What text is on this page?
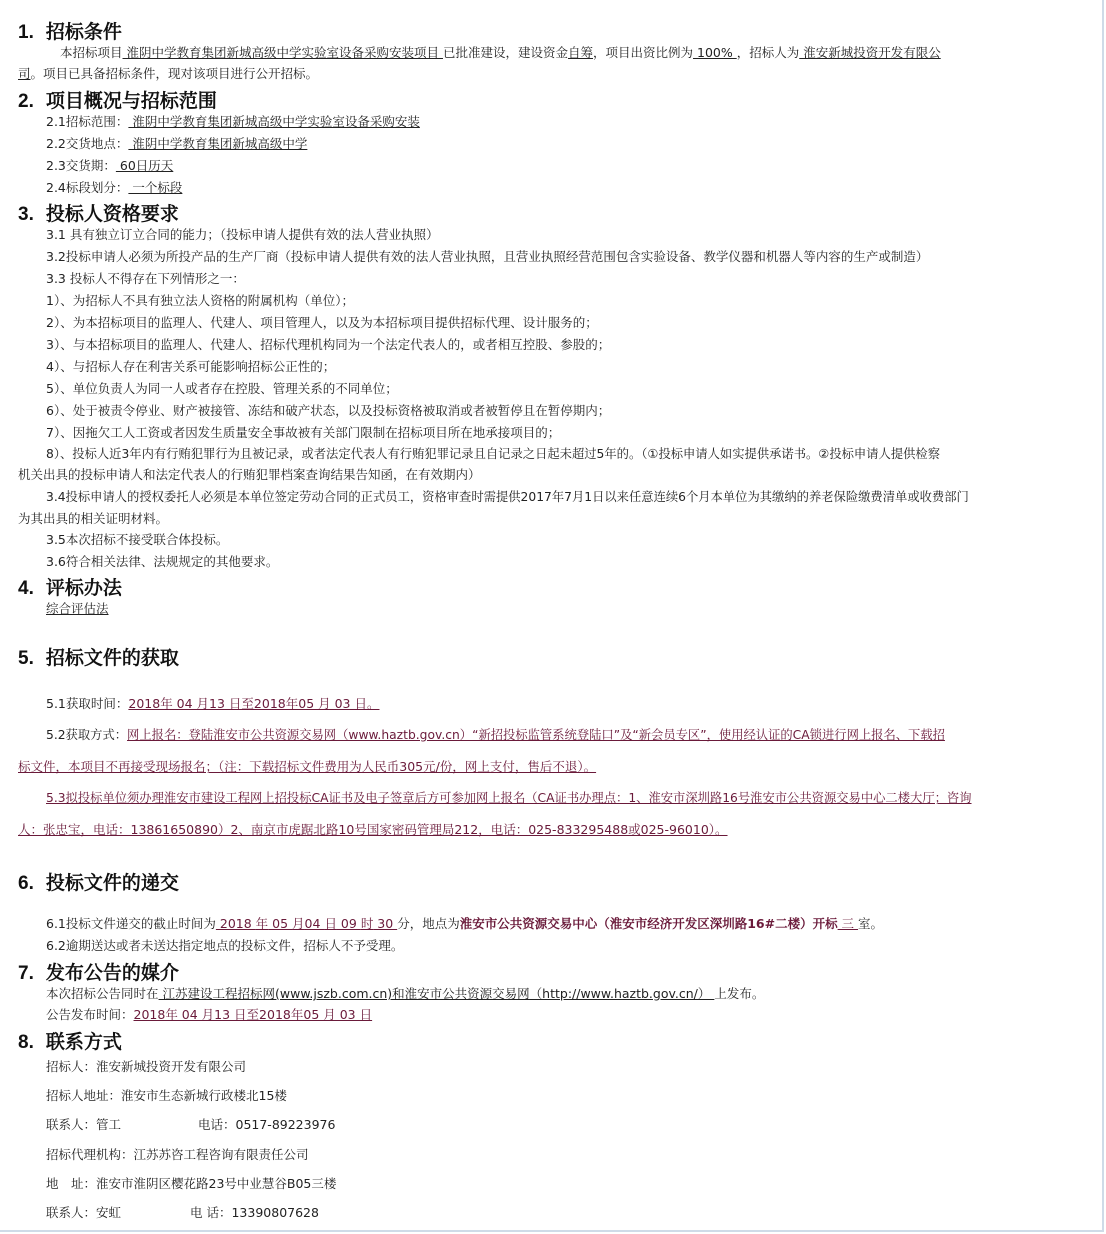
1. 招标条件
本招标项目 淮阴中学教育集团新城高级中学实验室设备采购安装项目 已批准建设，建设资金自筹，项目出资比例为 100% ，招标人为 淮安新城投资开发有限公
司。项目已具备招标条件，现对该项目进行公开招标。
2. 项目概况与招标范围
2.1招标范围： 淮阴中学教育集团新城高级中学实验室设备采购安装
2.2交货地点： 淮阴中学教育集团新城高级中学
2.3交货期： 60日历天
2.4标段划分： 一个标段
3. 投标人资格要求
3.1 具有独立订立合同的能力；（投标申请人提供有效的法人营业执照）
3.2投标申请人必须为所投产品的生产厂商（投标申请人提供有效的法人营业执照，且营业执照经营范围包含实验设备、教学仪器和机器人等内容的生产或制造）
3.3 投标人不得存在下列情形之一：
1）、为招标人不具有独立法人资格的附属机构（单位）；
2）、为本招标项目的监理人、代建人、项目管理人，以及为本招标项目提供招标代理、设计服务的；
3）、与本招标项目的监理人、代建人、招标代理机构同为一个法定代表人的，或者相互控股、参股的；
4）、与招标人存在利害关系可能影响招标公正性的；
5）、单位负责人为同一人或者存在控股、管理关系的不同单位；
6）、处于被责令停业、财产被接管、冻结和破产状态，以及投标资格被取消或者被暂停且在暂停期内；
7）、因拖欠工人工资或者因发生质量安全事故被有关部门限制在招标项目所在地承接项目的；
8）、投标人近3年内有行贿犯罪行为且被记录，或者法定代表人有行贿犯罪记录且自记录之日起未超过5年的。（①投标申请人如实提供承诺书。②投标申请人提供检察
机关出具的投标申请人和法定代表人的行贿犯罪档案查询结果告知函，在有效期内）
3.4投标申请人的授权委托人必须是本单位签定劳动合同的正式员工，资格审查时需提供2017年7月1日以来任意连续6个月本单位为其缴纳的养老保险缴费清单或收费部门
为其出具的相关证明材料。
3.5本次招标不接受联合体投标。
3.6符合相关法律、法规规定的其他要求。
4. 评标办法
综合评估法
5. 招标文件的获取
5.1获取时间：2018年 04 月13 日至2018年05 月 03 日。
5.2获取方式：网上报名：登陆淮安市公共资源交易网（www.haztb.gov.cn）“新招投标监管系统登陆口”及“新会员专区”，使用经认证的CA锁进行网上报名、下载招
标文件，本项目不再接受现场报名；（注：下载招标文件费用为人民币305元/份，网上支付，售后不退）。
5.3拟投标单位须办理淮安市建设工程网上招投标CA证书及电子签章后方可参加网上报名（CA证书办理点：1、淮安市深圳路16号淮安市公共资源交易中心二楼大厅；咨询
人：张忠宝，电话：13861650890）2、南京市虎踞北路10号国家密码管理局212，电话：025-833295488或025-96010）。
6. 投标文件的递交
6.1投标文件递交的截止时间为 2018 年 05 月04 日 09 时 30 分，地点为淮安市公共资源交易中心（淮安市经济开发区深圳路16#二楼）开标 三 室。
6.2逾期送达或者未送达指定地点的投标文件，招标人不予受理。
7. 发布公告的媒介
本次招标公告同时在 江苏建设工程招标网(www.jszb.com.cn)和淮安市公共资源交易网（http://www.haztb.gov.cn/） 上发布。
公告发布时间：2018年 04 月13 日至2018年05 月 03 日
8. 联系方式
招标人：淮安新城投资开发有限公司
招标人地址：淮安市生态新城行政楼北15楼
联系人：管工	电话：0517-89223976
招标代理机构：江苏苏咨工程咨询有限责任公司
地　址：淮安市淮阴区樱花路23号中业慧谷B05三楼
联系人：安虹	电 话：13390807628
